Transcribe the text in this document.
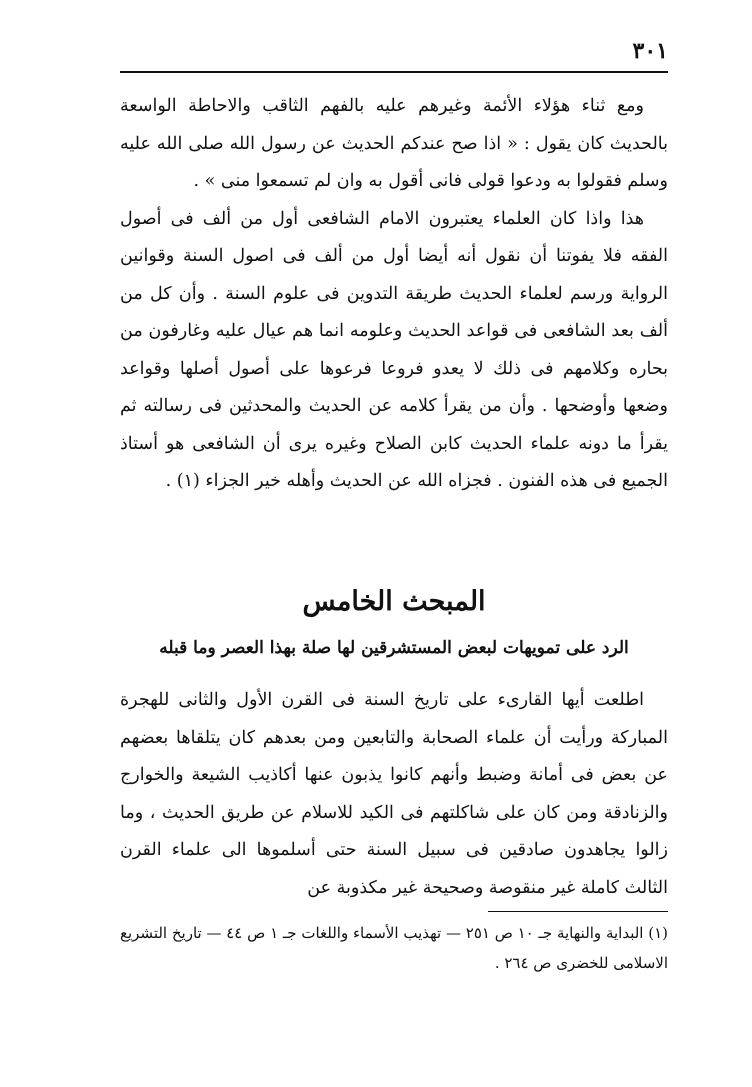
٣٠١

ومع ثناء هؤلاء الأئمة وغيرهم عليه بالفهم الثاقب والاحاطة الواسعة بالحديث كان يقول : « اذا صح عندكم الحديث عن رسول الله صلى الله عليه وسلم فقولوا به ودعوا قولى فانى أقول به وان لم تسمعوا منى » .

هذا واذا كان العلماء يعتبرون الامام الشافعى أول من ألف فى أصول الفقه فلا يفوتنا أن نقول أنه أيضا أول من ألف فى اصول السنة وقوانين الرواية ورسم لعلماء الحديث طريقة التدوين فى علوم السنة . وأن كل من ألف بعد الشافعى فى قواعد الحديث وعلومه انما هم عيال عليه وغارفون من بحاره وكلامهم فى ذلك لا يعدو فروعا فرعوها على أصول أصلها وقواعد وضعها وأوضحها . وأن من يقرأ كلامه عن الحديث والمحدثين فى رسالته ثم يقرأ ما دونه علماء الحديث كابن الصلاح وغيره يرى أن الشافعى هو أستاذ الجميع فى هذه الفنون . فجزاه الله عن الحديث وأهله خير الجزاء (١) .

المبحث الخامس
الرد على تمويهات لبعض المستشرقين لها صلة بهذا العصر وما قبله

اطلعت أيها القارىء على تاريخ السنة فى القرن الأول والثانى للهجرة المباركة ورأيت أن علماء الصحابة والتابعين ومن بعدهم كان يتلقاها بعضهم عن بعض فى أمانة وضبط وأنهم كانوا يذبون عنها أكاذيب الشيعة والخوارج والزنادقة ومن كان على شاكلتهم فى الكيد للاسلام عن طريق الحديث ، وما زالوا يجاهدون صادقين فى سبيل السنة حتى أسلموها الى علماء القرن الثالث كاملة غير منقوصة وصحيحة غير مكذوبة عن

(١) البداية والنهاية جـ ١٠ ص ٢٥١ — تهذيب الأسماء واللغات جـ ١ ص ٤٤ — تاريخ التشريع الاسلامى للخضرى ص ٢٦٤ .
